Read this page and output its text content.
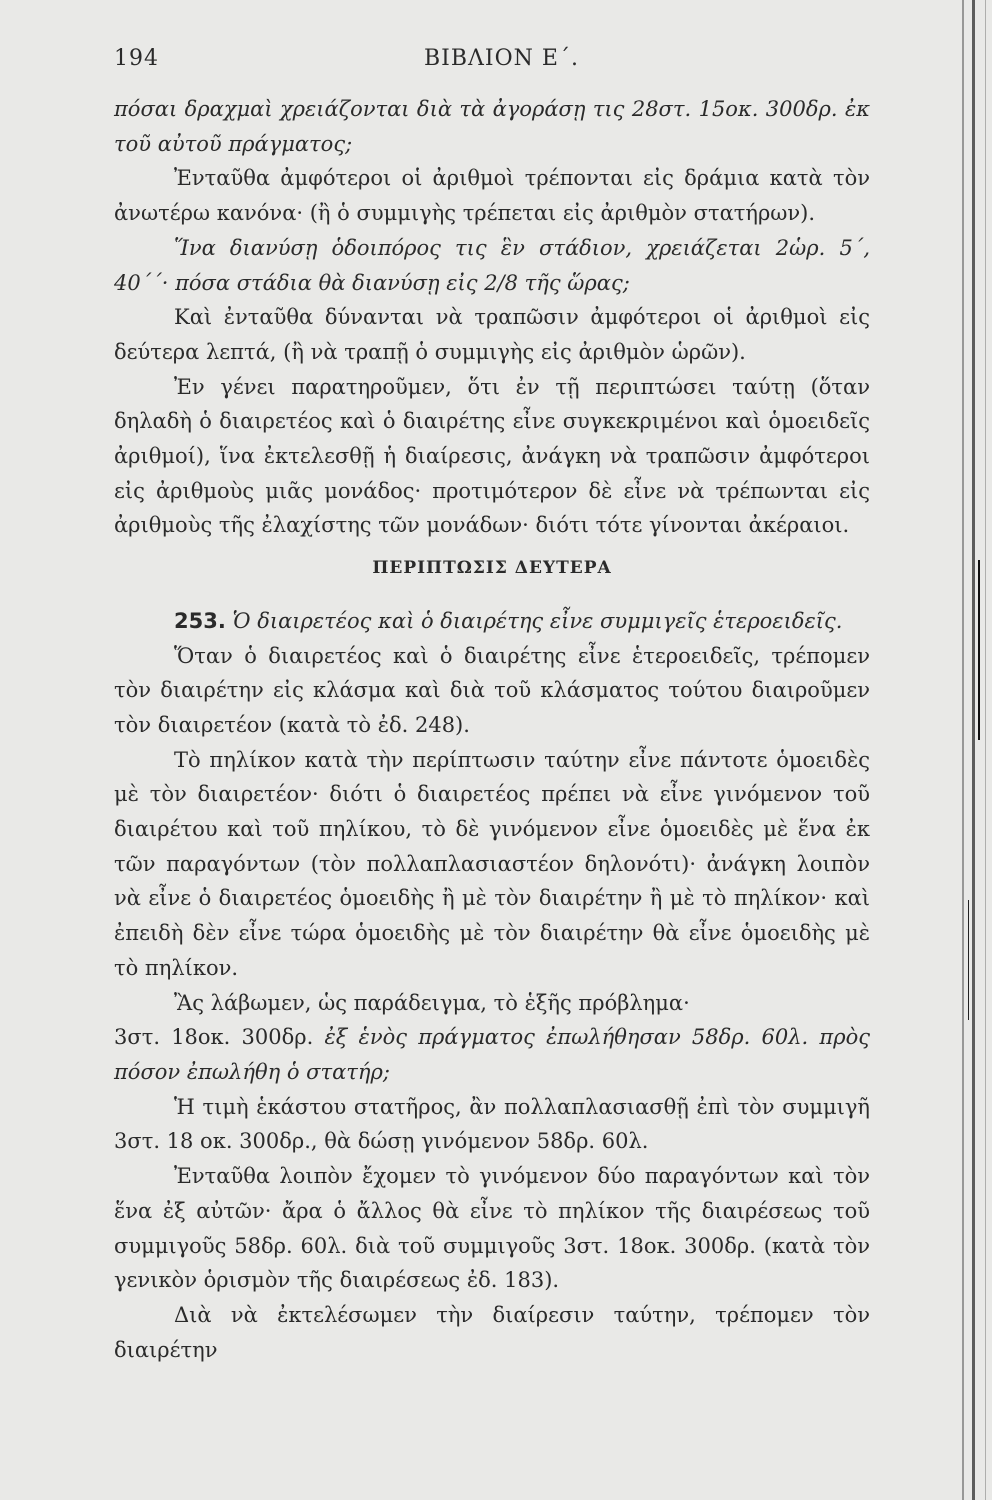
194	ΒΙΒΛΙΟΝ Ε΄.

πόσαι δραχμαὶ χρειάζονται διὰ τὰ ἀγοράσῃ τις 28στ. 15οκ. 300δρ. ἐκ τοῦ αὐτοῦ πράγματος;

Ἐνταῦθα ἀμφότεροι οἱ ἀριθμοὶ τρέπονται εἰς δράμια κατὰ τὸν ἀνωτέρω κανόνα· (ἢ ὁ συμμιγὴς τρέπεται εἰς ἀριθμὸν στατήρων).

Ἵνα διανύσῃ ὁδοιπόρος τις ἓν στάδιον, χρειάζεται 2ὡρ. 5΄, 40΄΄· πόσα στάδια θὰ διανύσῃ εἰς 2/8 τῆς ὥρας;

Καὶ ἐνταῦθα δύνανται νὰ τραπῶσιν ἀμφότεροι οἱ ἀριθμοὶ εἰς δεύτερα λεπτά, (ἢ νὰ τραπῇ ὁ συμμιγὴς εἰς ἀριθμὸν ὡρῶν).

Ἐν γένει παρατηροῦμεν, ὅτι ἐν τῇ περιπτώσει ταύτῃ (ὅταν δηλαδὴ ὁ διαιρετέος καὶ ὁ διαιρέτης εἶνε συγκεκριμένοι καὶ ὁμοειδεῖς ἀριθμοί), ἵνα ἐκτελεσθῇ ἡ διαίρεσις, ἀνάγκη νὰ τραπῶσιν ἀμφότεροι εἰς ἀριθμοὺς μιᾶς μονάδος· προτιμότερον δὲ εἶνε νὰ τρέπωνται εἰς ἀριθμοὺς τῆς ἐλαχίστης τῶν μονάδων· διότι τότε γίνονται ἀκέραιοι.

ΠΕΡΙΠΤΩΣΙΣ ΔΕΥΤΕΡΑ

253. Ὁ διαιρετέος καὶ ὁ διαιρέτης εἶνε συμμιγεῖς ἑτεροειδεῖς.

Ὅταν ὁ διαιρετέος καὶ ὁ διαιρέτης εἶνε ἑτεροειδεῖς, τρέπομεν τὸν διαιρέτην εἰς κλάσμα καὶ διὰ τοῦ κλάσματος τούτου διαιροῦμεν τὸν διαιρετέον (κατὰ τὸ ἐδ. 248).

Τὸ πηλίκον κατὰ τὴν περίπτωσιν ταύτην εἶνε πάντοτε ὁμοειδὲς μὲ τὸν διαιρετέον· διότι ὁ διαιρετέος πρέπει νὰ εἶνε γινόμενον τοῦ διαιρέτου καὶ τοῦ πηλίκου, τὸ δὲ γινόμενον εἶνε ὁμοειδὲς μὲ ἕνα ἐκ τῶν παραγόντων (τὸν πολλαπλασιαστέον δηλονότι)· ἀνάγκη λοιπὸν νὰ εἶνε ὁ διαιρετέος ὁμοειδὴς ἢ μὲ τὸν διαιρέτην ἢ μὲ τὸ πηλίκον· καὶ ἐπειδὴ δὲν εἶνε τώρα ὁμοειδὴς μὲ τὸν διαιρέτην θὰ εἶνε ὁμοειδὴς μὲ τὸ πηλίκον.

Ἂς λάβωμεν, ὡς παράδειγμα, τὸ ἑξῆς πρόβλημα·

3στ. 18οκ. 300δρ. ἐξ ἑνὸς πράγματος ἐπωλήθησαν 58δρ. 60λ. πρὸς πόσον ἐπωλήθη ὁ στατήρ;

Ἡ τιμὴ ἑκάστου στατῆρος, ἂν πολλαπλασιασθῇ ἐπὶ τὸν συμμιγῆ 3στ. 18 οκ. 300δρ., θὰ δώσῃ γινόμενον 58δρ. 60λ.

Ἐνταῦθα λοιπὸν ἔχομεν τὸ γινόμενον δύο παραγόντων καὶ τὸν ἕνα ἐξ αὐτῶν· ἄρα ὁ ἄλλος θὰ εἶνε τὸ πηλίκον τῆς διαιρέσεως τοῦ συμμιγοῦς 58δρ. 60λ. διὰ τοῦ συμμιγοῦς 3στ. 18οκ. 300δρ. (κατὰ τὸν γενικὸν ὁρισμὸν τῆς διαιρέσεως ἐδ. 183).

Διὰ νὰ ἐκτελέσωμεν τὴν διαίρεσιν ταύτην, τρέπομεν τὸν διαιρέτην
